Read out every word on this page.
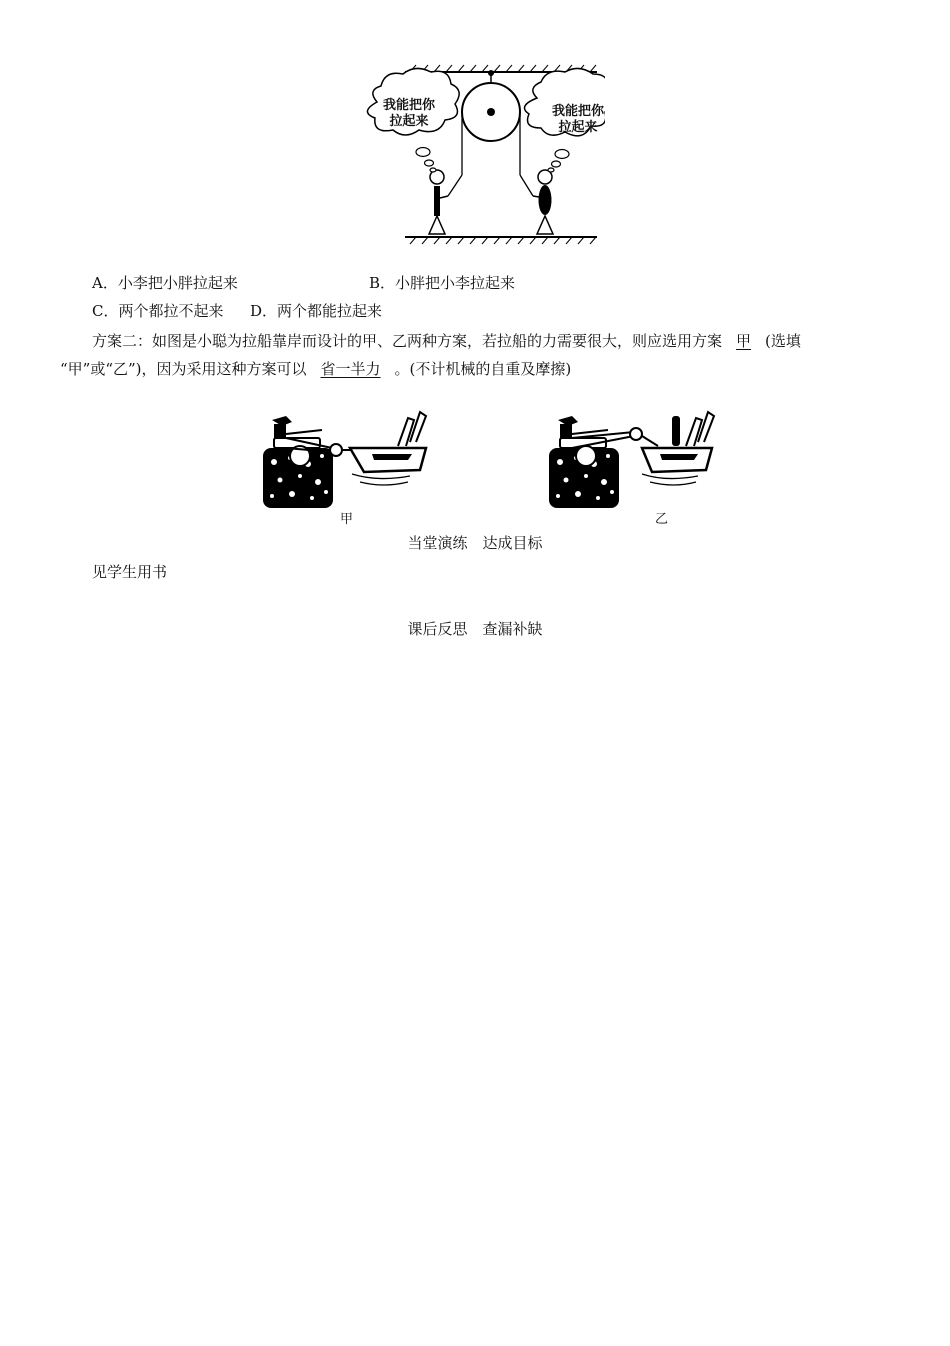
我能把你
拉起来
我能把你
拉起来
A．小李把小胖拉起来	B．小胖把小李拉起来
C．两个都拉不起来 D．两个都能拉起来
方案二：如图是小聪为拉船靠岸而设计的甲、乙两种方案，若拉船的力需要很大，则应选用方案 甲 (选填
“甲”或“乙”)，因为采用这种方案可以 省一半力 。(不计机械的自重及摩擦)
甲	乙
当堂演练　达成目标
见学生用书
课后反思　查漏补缺
